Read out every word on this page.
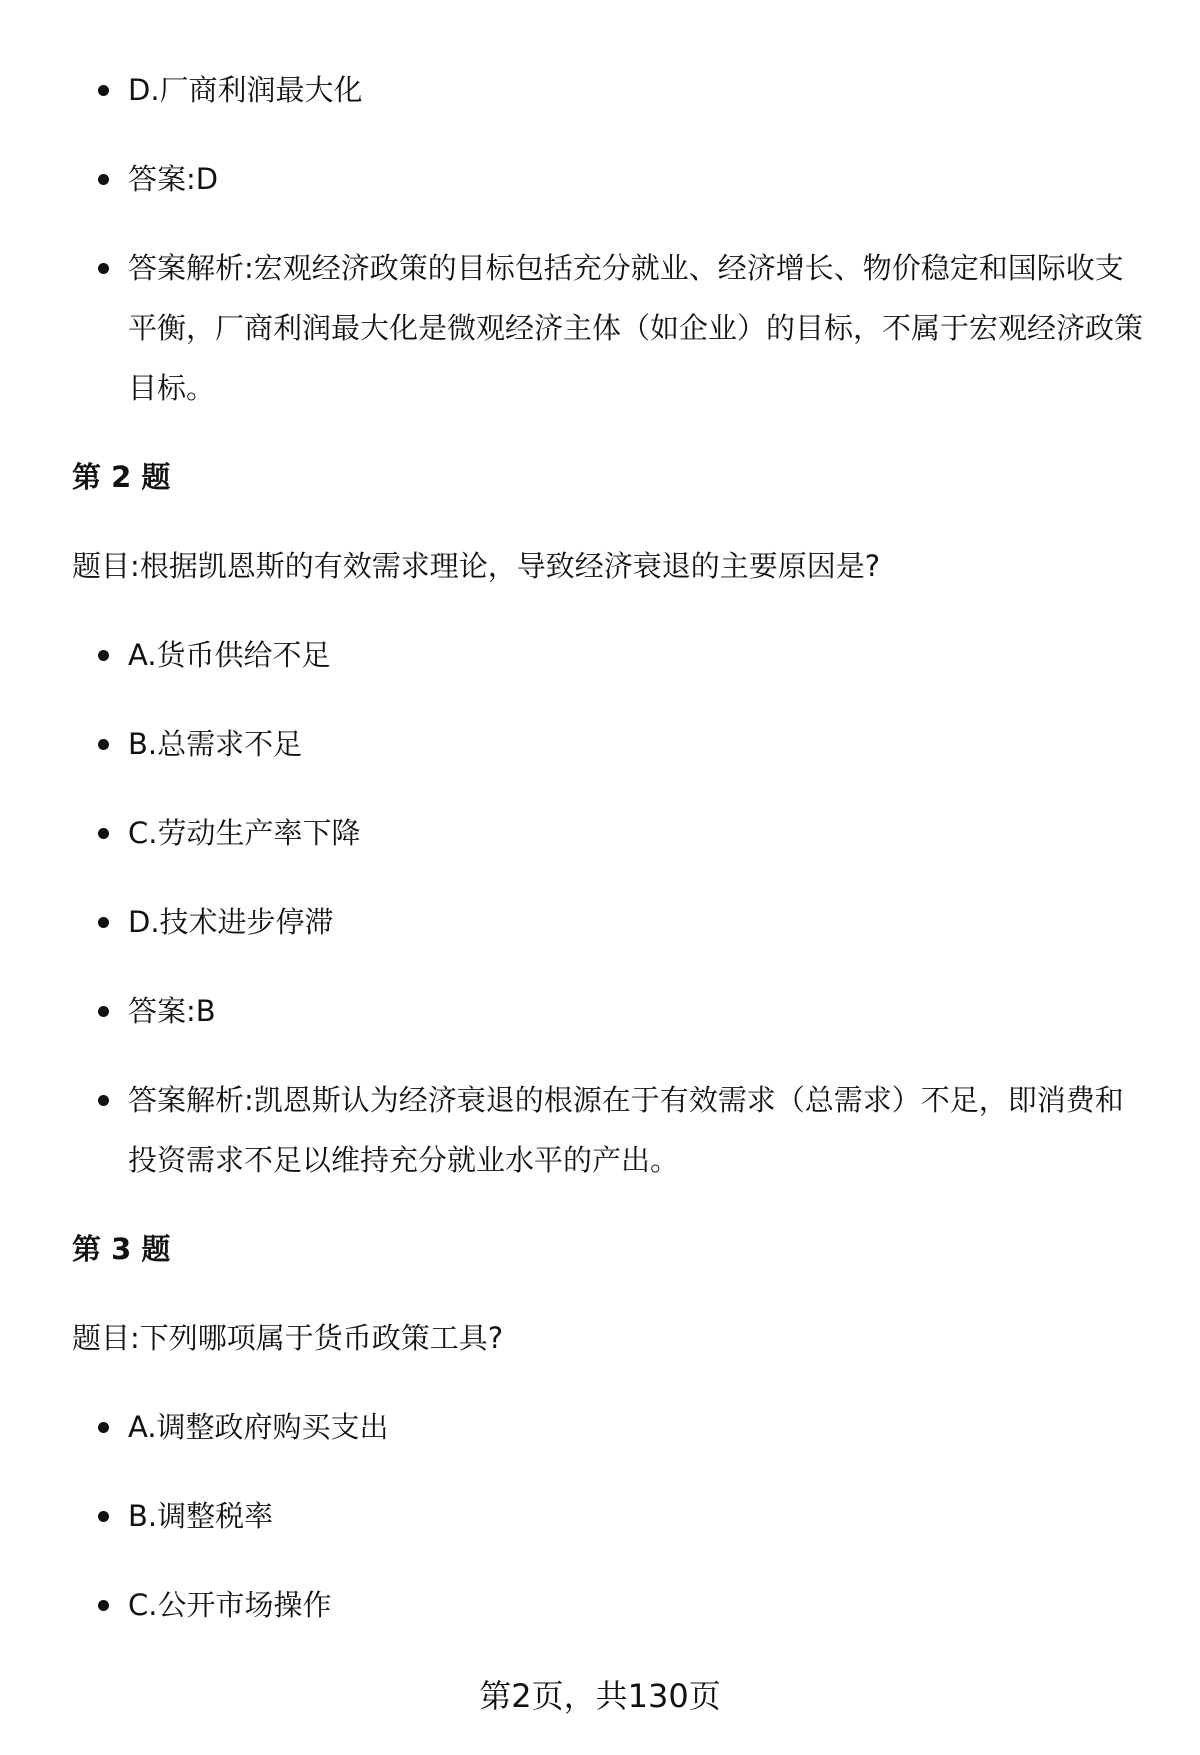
D.厂商利润最大化
答案:D
答案解析:宏观经济政策的目标包括充分就业、经济增长、物价稳定和国际收支平衡，厂商利润最大化是微观经济主体（如企业）的目标，不属于宏观经济政策目标。
第 2 题
题目:根据凯恩斯的有效需求理论，导致经济衰退的主要原因是?
A.货币供给不足
B.总需求不足
C.劳动生产率下降
D.技术进步停滞
答案:B
答案解析:凯恩斯认为经济衰退的根源在于有效需求（总需求）不足，即消费和投资需求不足以维持充分就业水平的产出。
第 3 题
题目:下列哪项属于货币政策工具?
A.调整政府购买支出
B.调整税率
C.公开市场操作
第2页，共130页
